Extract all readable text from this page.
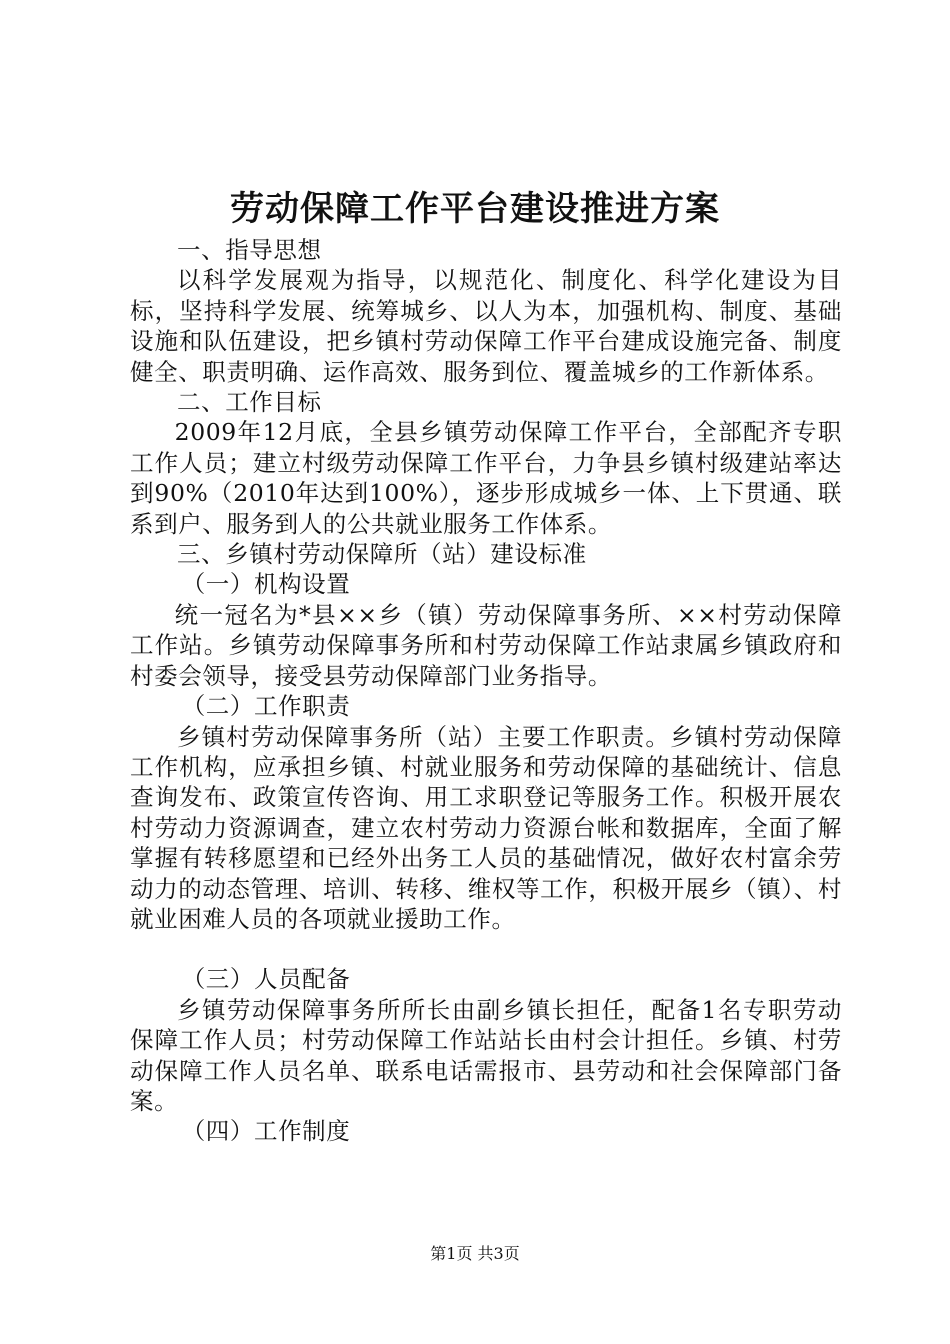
劳动保障工作平台建设推进方案

一、指导思想

以科学发展观为指导，以规范化、制度化、科学化建设为目标，坚持科学发展、统筹城乡、以人为本，加强机构、制度、基础设施和队伍建设，把乡镇村劳动保障工作平台建成设施完备、制度健全、职责明确、运作高效、服务到位、覆盖城乡的工作新体系。

二、工作目标

2009年12月底，全县乡镇劳动保障工作平台，全部配齐专职工作人员；建立村级劳动保障工作平台，力争县乡镇村级建站率达到90%（2010年达到100%），逐步形成城乡一体、上下贯通、联系到户、服务到人的公共就业服务工作体系。

三、乡镇村劳动保障所（站）建设标准

（一）机构设置

统一冠名为*县××乡（镇）劳动保障事务所、××村劳动保障工作站。乡镇劳动保障事务所和村劳动保障工作站隶属乡镇政府和村委会领导，接受县劳动保障部门业务指导。

（二）工作职责

乡镇村劳动保障事务所（站）主要工作职责。乡镇村劳动保障工作机构，应承担乡镇、村就业服务和劳动保障的基础统计、信息查询发布、政策宣传咨询、用工求职登记等服务工作。积极开展农村劳动力资源调查，建立农村劳动力资源台帐和数据库，全面了解掌握有转移愿望和已经外出务工人员的基础情况，做好农村富余劳动力的动态管理、培训、转移、维权等工作，积极开展乡（镇）、村就业困难人员的各项就业援助工作。

（三）人员配备

乡镇劳动保障事务所所长由副乡镇长担任，配备1名专职劳动保障工作人员；村劳动保障工作站站长由村会计担任。乡镇、村劳动保障工作人员名单、联系电话需报市、县劳动和社会保障部门备案。

（四）工作制度

第1页 共3页
